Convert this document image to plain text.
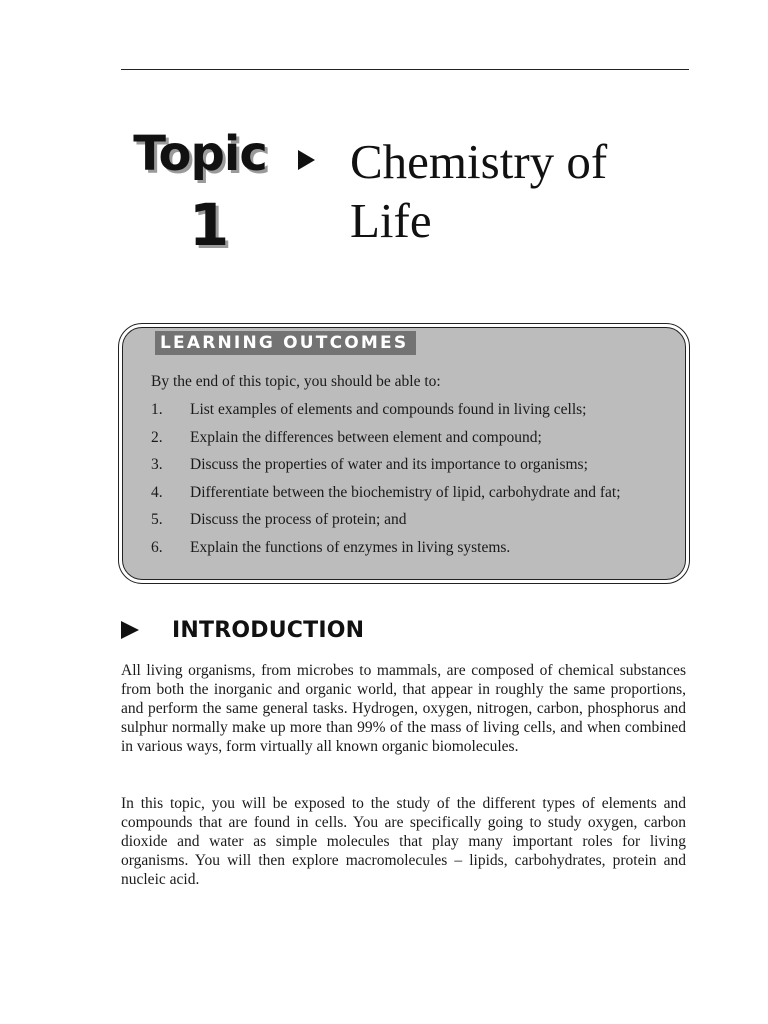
Topic
1
Chemistry of
Life
LEARNING OUTCOMES
By the end of this topic, you should be able to:
1.	List examples of elements and compounds found in living cells;
2.	Explain the differences between element and compound;
3.	Discuss the properties of water and its importance to organisms;
4.	Differentiate between the biochemistry of lipid, carbohydrate and fat;
5.	Discuss the process of protein; and
6.	Explain the functions of enzymes in living systems.
INTRODUCTION

All living organisms, from microbes to mammals, are composed of chemical substances from both the inorganic and organic world, that appear in roughly the same proportions, and perform the same general tasks. Hydrogen, oxygen, nitrogen, carbon, phosphorus and sulphur normally make up more than 99% of the mass of living cells, and when combined in various ways, form virtually all known organic biomolecules.

In this topic, you will be exposed to the study of the different types of elements and compounds that are found in cells. You are specifically going to study oxygen, carbon dioxide and water as simple molecules that play many important roles for living organisms. You will then explore macromolecules – lipids, carbohydrates, protein and nucleic acid.
